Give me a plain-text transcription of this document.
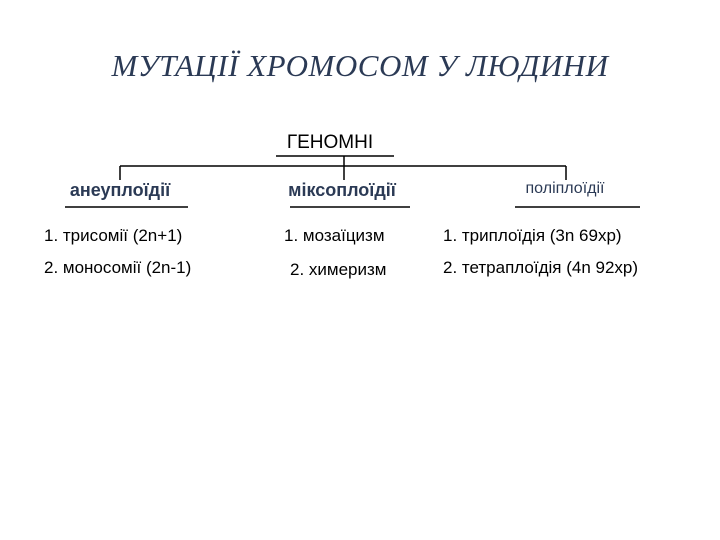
МУТАЦІЇ ХРОМОСОМ У ЛЮДИНИ
ГЕНОМНІ
анеуплоїдії	міксоплоїдії	поліплоїдії
1. трисомії (2n+1)
2. моносомії (2n-1)
1. мозаїцизм
2. химеризм
1. триплоїдія (3n 69xр)
2. тетраплоїдія (4n 92xр)
